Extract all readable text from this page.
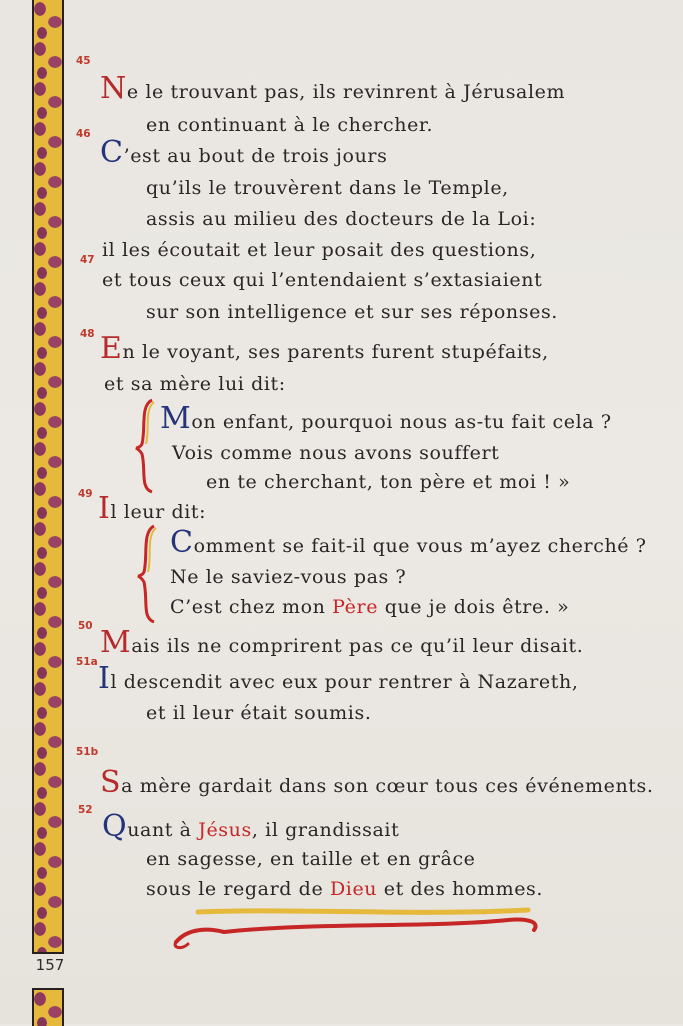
157
45
Ne le trouvant pas, ils revinrent à Jérusalem
en continuant à le chercher.
46
C’est au bout de trois jours
qu’ils le trouvèrent dans le Temple,
assis au milieu des docteurs de la Loi:
il les écoutait et leur posait des questions,
47
et tous ceux qui l’entendaient s’extasiaient
sur son intelligence et sur ses réponses.
48 En le voyant, ses parents furent stupéfaits,
et sa mère lui dit:
Mon enfant, pourquoi nous as-tu fait cela ?
Vois comme nous avons souffert
en te cherchant, ton père et moi ! »
49 Il leur dit:
Comment se fait-il que vous m’ayez cherché ?
Ne le saviez-vous pas ?
C’est chez mon Père que je dois être. »
50 Mais ils ne comprirent pas ce qu’il leur disait.
51a Il descendit avec eux pour rentrer à Nazareth,
et il leur était soumis.
51b
Sa mère gardait dans son cœur tous ces événements.
52 Quant à Jésus, il grandissait
en sagesse, en taille et en grâce
sous le regard de Dieu et des hommes.
